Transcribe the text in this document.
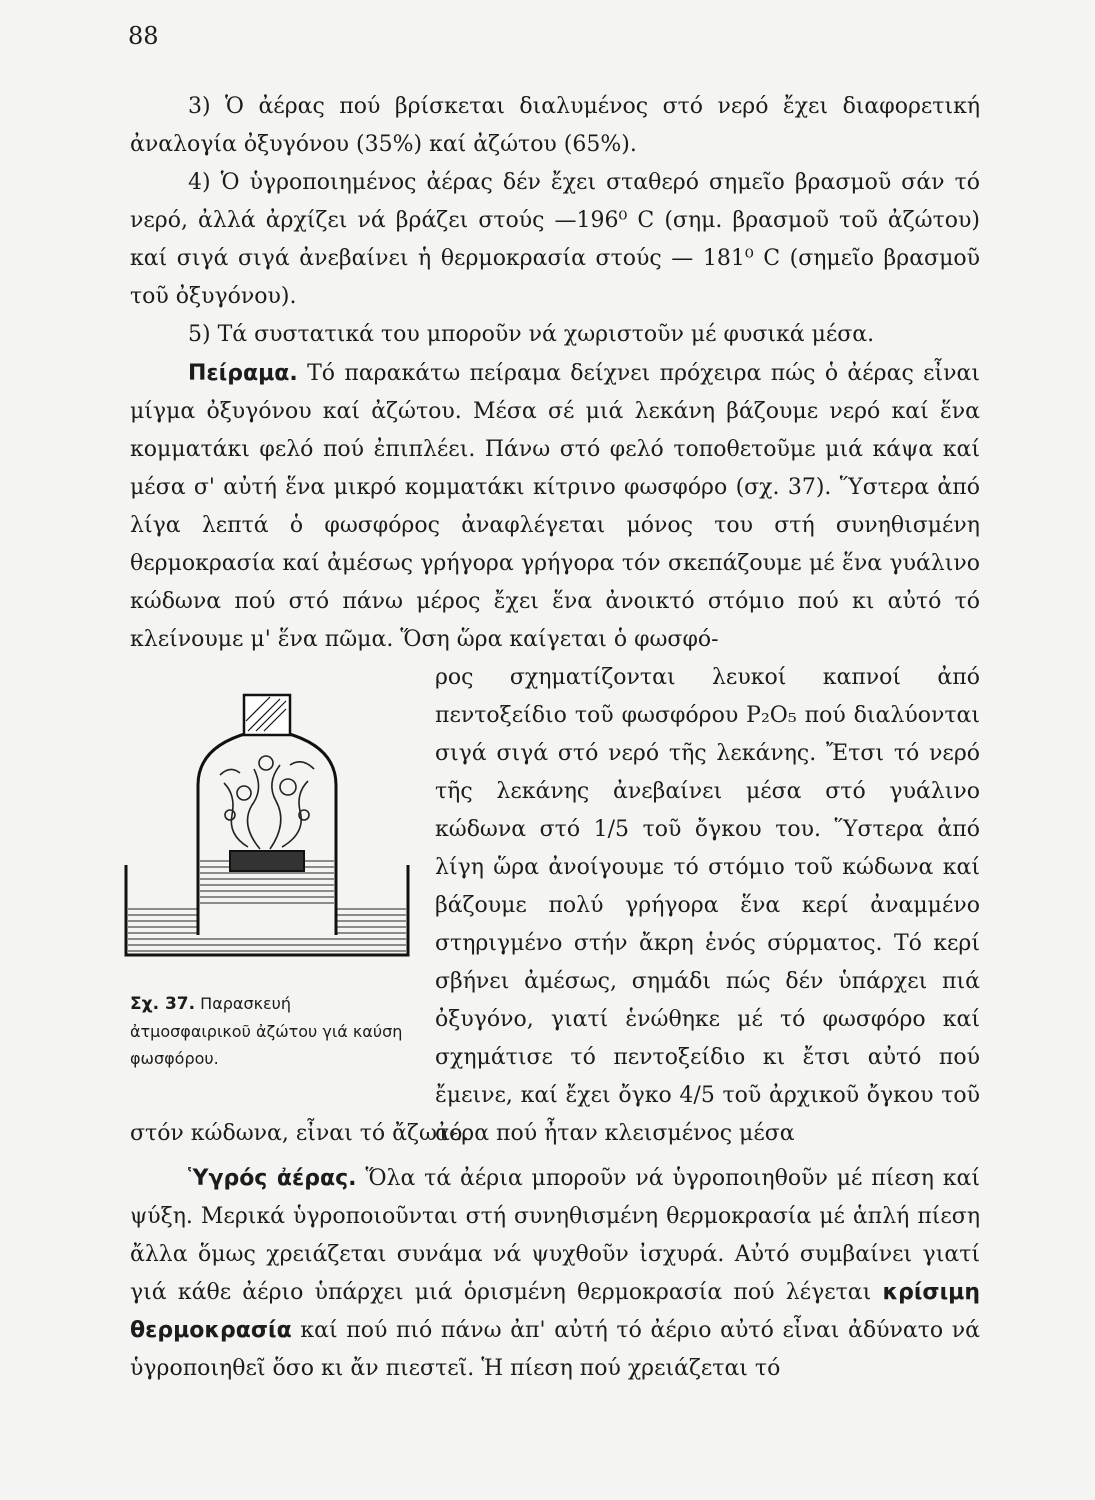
88

3) Ὁ ἀέρας πού βρίσκεται διαλυμένος στό νερό ἔχει διαφορετική ἀναλογία ὀξυγόνου (35%) καί ἀζώτου (65%).

4) Ὁ ὑγροποιημένος ἀέρας δέν ἔχει σταθερό σημεῖο βρασμοῦ σάν τό νερό, ἀλλά ἀρχίζει νά βράζει στούς —196⁰ C (σημ. βρασμοῦ τοῦ ἀζώτου) καί σιγά σιγά ἀνεβαίνει ἡ θερμοκρασία στούς — 181⁰ C (σημεῖο βρασμοῦ τοῦ ὀξυγόνου).

5) Τά συστατικά του μποροῦν νά χωριστοῦν μέ φυσικά μέσα.

Πείραμα. Τό παρακάτω πείραμα δείχνει πρόχειρα πώς ὁ ἀέρας εἶναι μίγμα ὀξυγόνου καί ἀζώτου. Μέσα σέ μιά λεκάνη βάζουμε νερό καί ἕνα κομματάκι φελό πού ἐπιπλέει. Πάνω στό φελό τοποθετοῦμε μιά κάψα καί μέσα σ' αὐτή ἕνα μικρό κομματάκι κίτρινο φωσφόρο (σχ. 37). Ὕστερα ἀπό λίγα λεπτά ὁ φωσφόρος ἀναφλέγεται μόνος του στή συνηθισμένη θερμοκρασία καί ἀμέσως γρήγορα γρήγορα τόν σκεπάζουμε μέ ἕνα γυάλινο κώδωνα πού στό πάνω μέρος ἔχει ἕνα ἀνοικτό στόμιο πού κι αὐτό τό κλείνουμε μ' ἕνα πῶμα. Ὅση ὥρα καίγεται ὁ φωσφό-

Σχ. 37. Παρασκευή ἀτμοσφαιρικοῦ ἀζώτου γιά καύση φωσφόρου.

ρος σχηματίζονται λευκοί καπνοί ἀπό πεντοξείδιο τοῦ φωσφόρου P₂O₅ πού διαλύονται σιγά σιγά στό νερό τῆς λεκάνης. Ἔτσι τό νερό τῆς λεκάνης ἀνεβαίνει μέσα στό γυάλινο κώδωνα στό 1/5 τοῦ ὄγκου του. Ὕστερα ἀπό λίγη ὥρα ἀνοίγουμε τό στόμιο τοῦ κώδωνα καί βάζουμε πολύ γρήγορα ἕνα κερί ἀναμμένο στηριγμένο στήν ἄκρη ἑνός σύρματος. Τό κερί σβήνει ἀμέσως, σημάδι πώς δέν ὑπάρχει πιά ὀξυγόνο, γιατί ἑνώθηκε μέ τό φωσφόρο καί σχημάτισε τό πεντοξείδιο κι ἔτσι αὐτό πού ἔμεινε, καί ἔχει ὄγκο 4/5 τοῦ ἀρχικοῦ ὄγκου τοῦ ἀέρα πού ἦταν κλεισμένος μέσα

στόν κώδωνα, εἶναι τό ἄζωτο.

Ὑγρός ἀέρας. Ὅλα τά ἀέρια μποροῦν νά ὑγροποιηθοῦν μέ πίεση καί ψύξη. Μερικά ὑγροποιοῦνται στή συνηθισμένη θερμοκρασία μέ ἁπλή πίεση ἄλλα ὅμως χρειάζεται συνάμα νά ψυχθοῦν ἰσχυρά. Αὐτό συμβαίνει γιατί γιά κάθε ἀέριο ὑπάρχει μιά ὁρισμένη θερμοκρασία πού λέγεται κρίσιμη θερμοκρασία καί πού πιό πάνω ἀπ' αὐτή τό ἀέριο αὐτό εἶναι ἀδύνατο νά ὑγροποιηθεῖ ὅσο κι ἄν πιεστεῖ. Ἡ πίεση πού χρειάζεται τό
